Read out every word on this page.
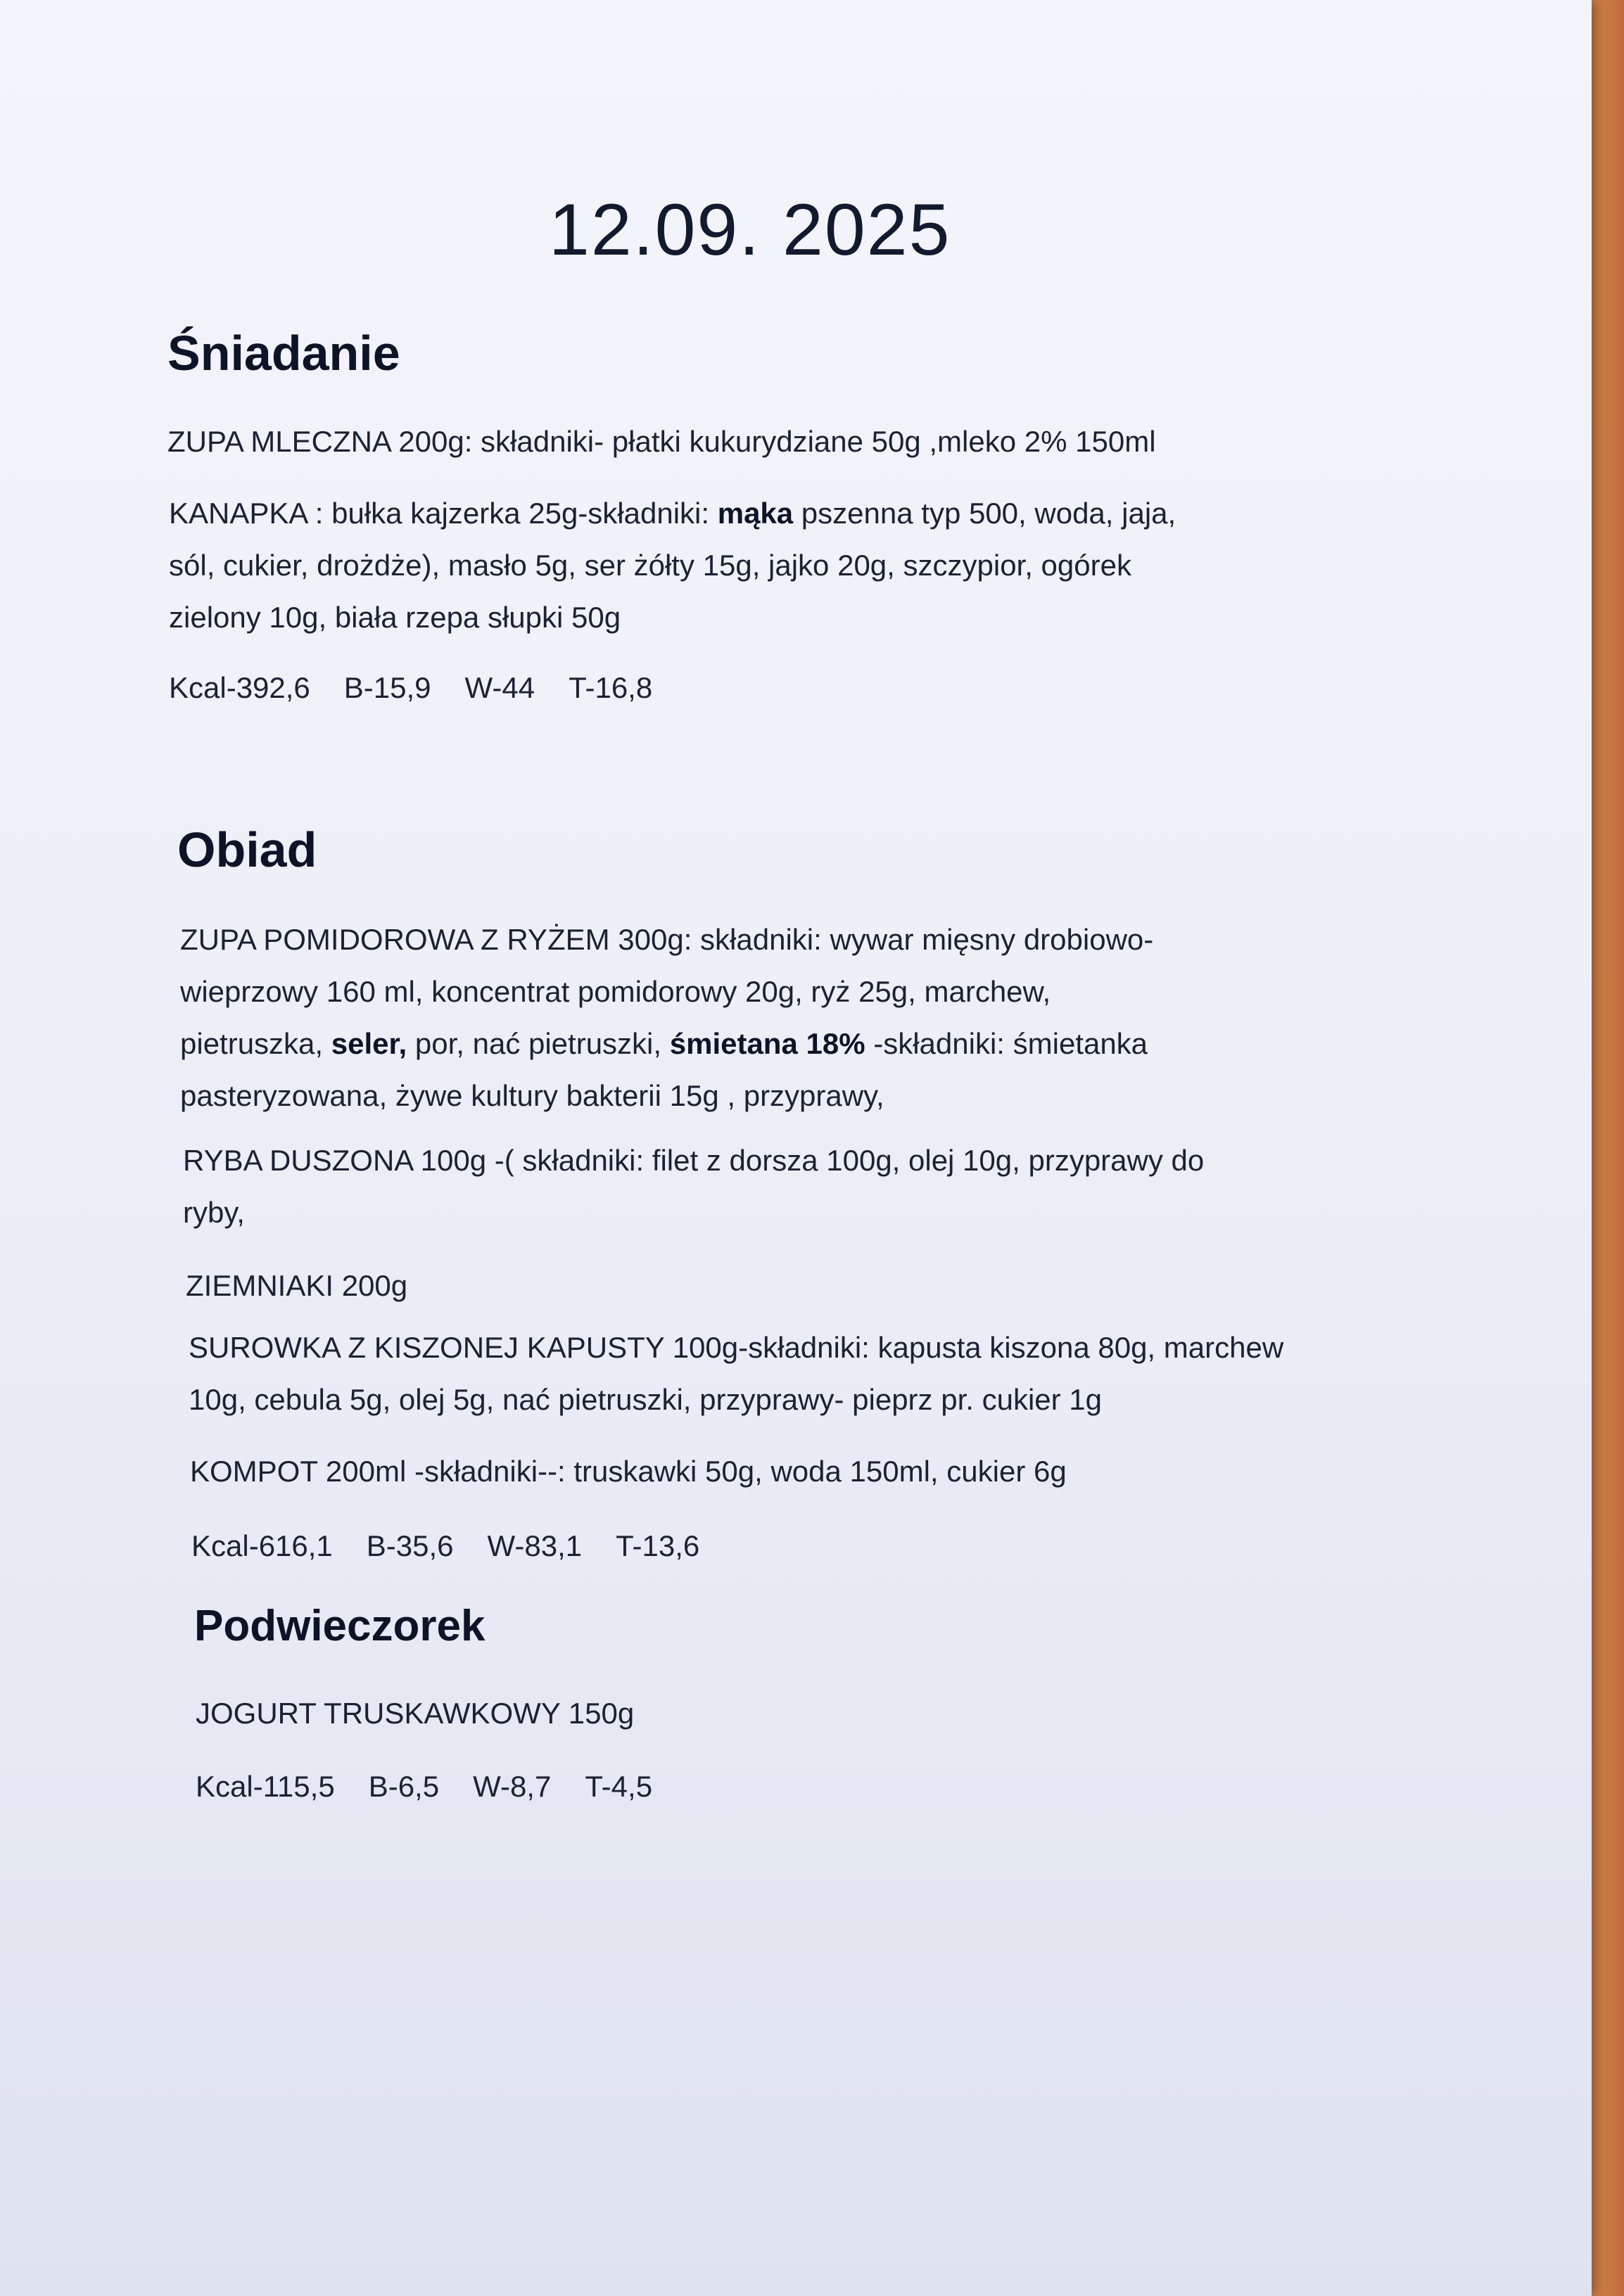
12.09. 2025
Śniadanie
ZUPA MLECZNA 200g: składniki- płatki kukurydziane 50g ,mleko 2% 150ml
KANAPKA : bułka kajzerka 25g-składniki: mąka pszenna typ 500, woda, jaja,
sól, cukier, drożdże), masło 5g, ser żółty 15g, jajko 20g, szczypior, ogórek
zielony 10g, biała rzepa słupki 50g
Kcal-392,6 B-15,9 W-44 T-16,8
Obiad
ZUPA POMIDOROWA Z RYŻEM 300g: składniki: wywar mięsny drobiowo-
wieprzowy 160 ml, koncentrat pomidorowy 20g, ryż 25g, marchew,
pietruszka, seler, por, nać pietruszki, śmietana 18% -składniki: śmietanka
pasteryzowana, żywe kultury bakterii 15g , przyprawy,
RYBA DUSZONA 100g -( składniki: filet z dorsza 100g, olej 10g, przyprawy do
ryby,
ZIEMNIAKI 200g
SUROWKA Z KISZONEJ KAPUSTY 100g-składniki: kapusta kiszona 80g, marchew
10g, cebula 5g, olej 5g, nać pietruszki, przyprawy- pieprz pr. cukier 1g
KOMPOT 200ml -składniki--: truskawki 50g, woda 150ml, cukier 6g
Kcal-616,1 B-35,6 W-83,1 T-13,6
Podwieczorek
JOGURT TRUSKAWKOWY 150g
Kcal-115,5 B-6,5 W-8,7 T-4,5
